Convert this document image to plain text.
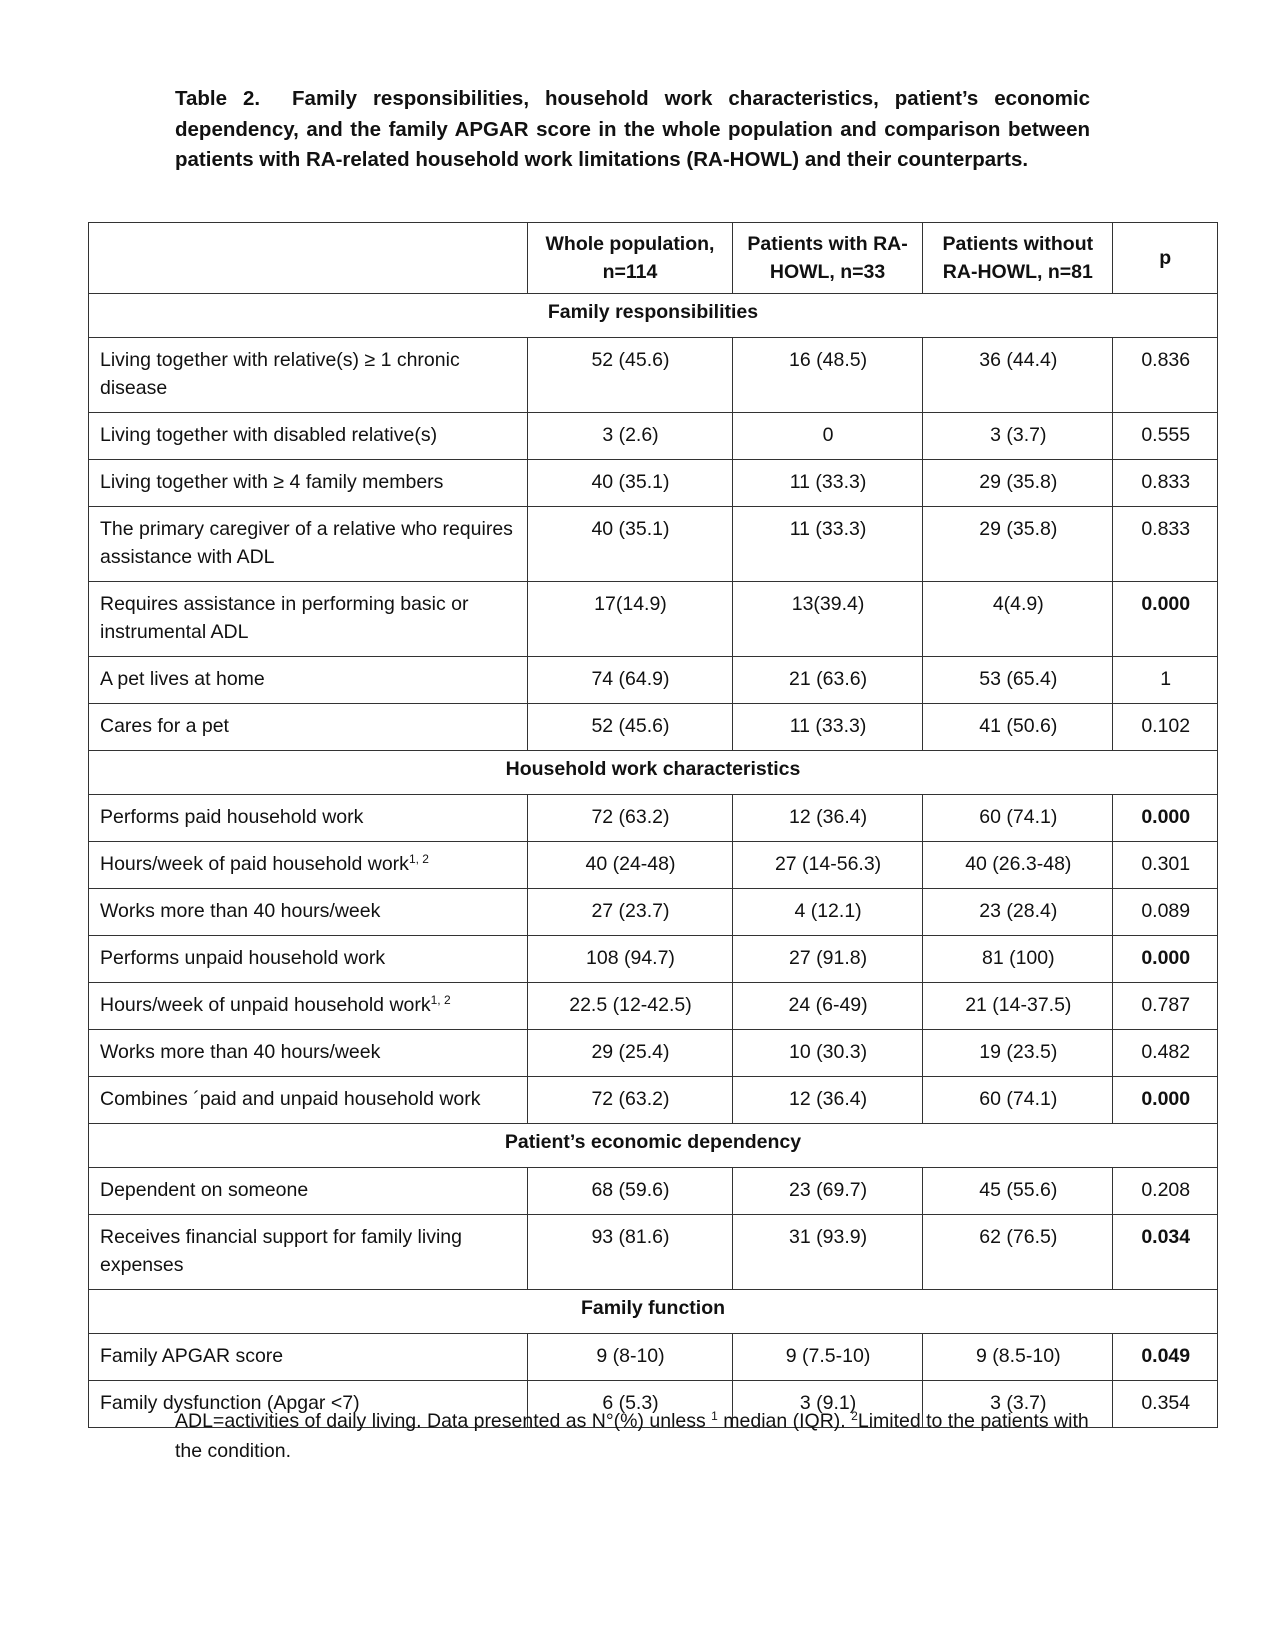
Table 2. Family responsibilities, household work characteristics, patient’s economic dependency, and the family APGAR score in the whole population and comparison between patients with RA-related household work limitations (RA-HOWL) and their counterparts.
	Whole population, n=114	Patients with RA-HOWL, n=33	Patients without RA-HOWL, n=81	p
Family responsibilities				
Living together with relative(s) ≥ 1 chronic disease	52 (45.6)	16 (48.5)	36 (44.4)	0.836
Living together with disabled relative(s)	3 (2.6)	0	3 (3.7)	0.555
Living together with ≥ 4 family members	40 (35.1)	11 (33.3)	29 (35.8)	0.833
The primary caregiver of a relative who requires assistance with ADL	40 (35.1)	11 (33.3)	29 (35.8)	0.833
Requires assistance in performing basic or instrumental ADL	17(14.9)	13(39.4)	4(4.9)	0.000
A pet lives at home	74 (64.9)	21 (63.6)	53 (65.4)	1
Cares for a pet	52 (45.6)	11 (33.3)	41 (50.6)	0.102
Household work characteristics				
Performs paid household work	72 (63.2)	12 (36.4)	60 (74.1)	0.000
Hours/week of paid household work$^{1, 2}$	40 (24-48)	27 (14-56.3)	40 (26.3-48)	0.301
Works more than 40 hours/week	27 (23.7)	4 (12.1)	23 (28.4)	0.089
Performs unpaid household work	108 (94.7)	27 (91.8)	81 (100)	0.000
Hours/week of unpaid household work$^{1, 2}$	22.5 (12-42.5)	24 (6-49)	21 (14-37.5)	0.787
Works more than 40 hours/week	29 (25.4)	10 (30.3)	19 (23.5)	0.482
Combines ´paid and unpaid household work	72 (63.2)	12 (36.4)	60 (74.1)	0.000
Patient’s economic dependency				
Dependent on someone	68 (59.6)	23 (69.7)	45 (55.6)	0.208
Receives financial support for family living expenses	93 (81.6)	31 (93.9)	62 (76.5)	0.034
Family function				
Family APGAR score	9 (8-10)	9 (7.5-10)	9 (8.5-10)	0.049
Family dysfunction (Apgar <7)	6 (5.3)	3 (9.1)	3 (3.7)	0.354
ADL=activities of daily living. Data presented as N°(%) unless $^1$ median (IQR). $^2$Limited to the patients with the condition.
